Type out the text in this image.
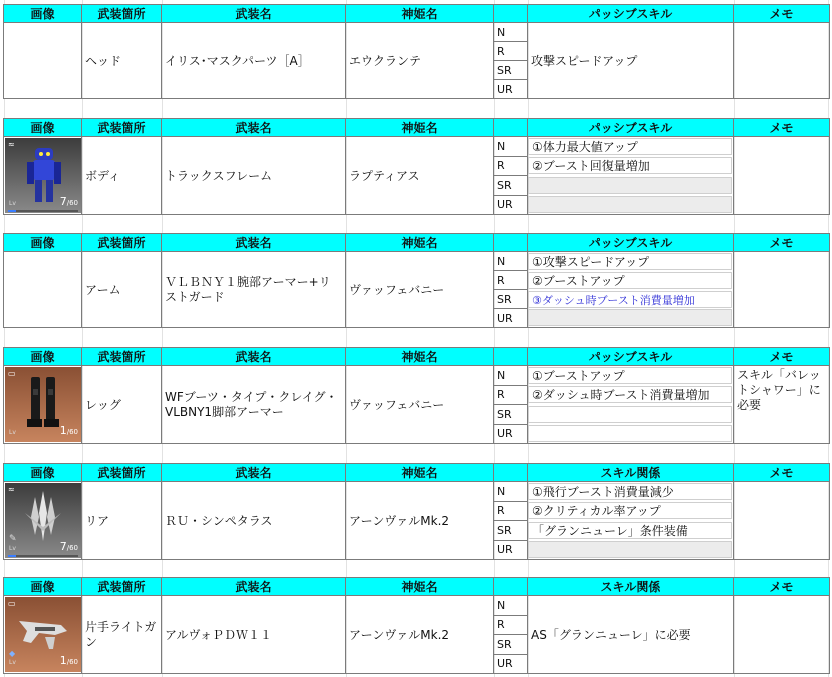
画像	武装箇所	武装名	神姫名		パッシブスキル	メモ
	ヘッド	イリス･マスクパーツ［A］	エウクランテ	N	攻撃スピードアップ	
				R		
				SR		
				UR		
画像	武装箇所	武装名	神姫名		パッシブスキル	メモ

≈
Lv 7/60	ボディ	トラックスフレーム	ラプティアス	N	①体力最大値アップ	

				R	②ブースト回復量増加	

				SR		

				UR		
画像	武装箇所	武装名	神姫名		パッシブスキル	メモ
	アーム	ＶＬＢＮＹ１腕部アーマー+リストガード	ヴァッフェバニー	N	①攻撃スピードアップ	

				R	②ブーストアップ	

				SR	③ダッシュ時ブースト消費量増加	

				UR		
画像	武装箇所	武装名	神姫名		パッシブスキル	メモ

▭
Lv 1/60	レッグ	WFブーツ・タイプ・クレイグ・VLBNY1脚部アーマー	ヴァッフェバニー	N	①ブーストアップ	スキル「バレットシャワー」に必要
				R	②ダッシュ時ブースト消費量増加	

				SR		

				UR		
画像	武装箇所	武装名	神姫名		スキル関係	メモ

≈
✎
Lv 7/60	リア	ＲＵ・シンペタラス	アーンヴァルMk.2	N	①飛行ブースト消費量減少	

				R	②クリティカル率アップ	

				SR	「グランニューレ」条件装備	

				UR		
画像	武装箇所	武装名	神姫名		スキル関係	メモ

▭
◆
Lv 1/60	片手ライトガン	アルヴォＰＤＷ１１	アーンヴァルMk.2	N	AS「グランニューレ」に必要	
				R		
				SR		
				UR		
